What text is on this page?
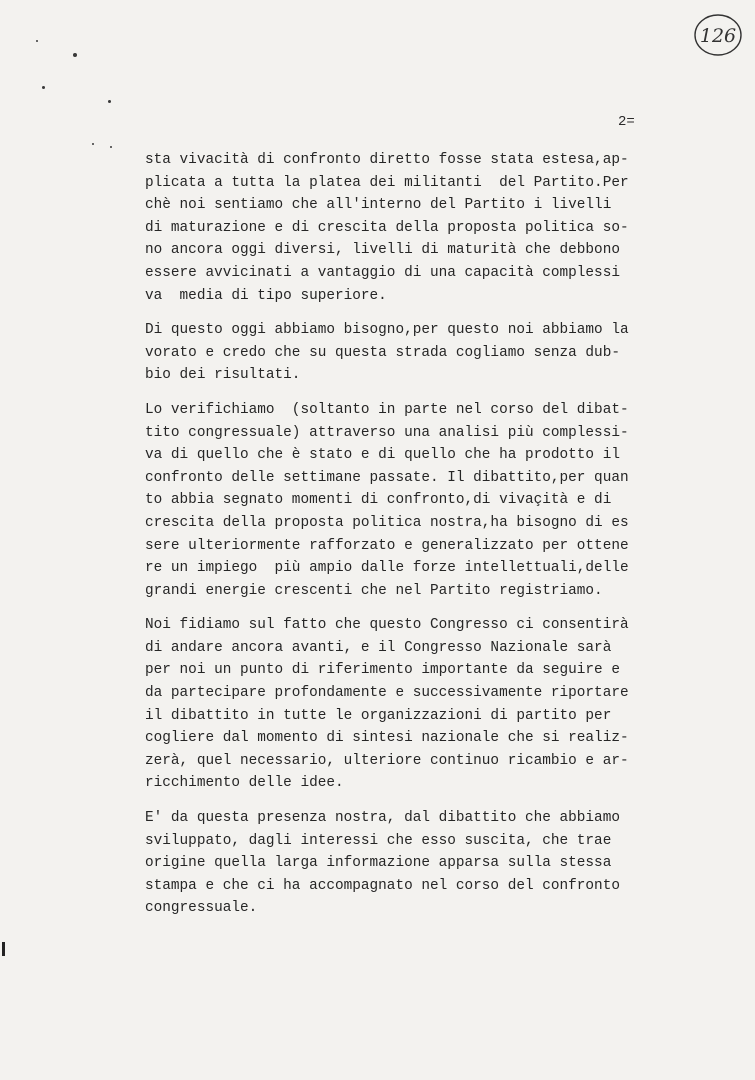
126
2=
sta vivacità di confronto diretto fosse stata estesa,ap-
plicata a tutta la platea dei militanti  del Partito.Per
chè noi sentiamo che all'interno del Partito i livelli
di maturazione e di crescita della proposta politica so-
no ancora oggi diversi, livelli di maturità che debbono
essere avvicinati a vantaggio di una capacità complessi
va  media di tipo superiore.
Di questo oggi abbiamo bisogno,per questo noi abbiamo la
vorato e credo che su questa strada cogliamo senza dub-
bio dei risultati.
Lo verifichiamo  (soltanto in parte nel corso del dibat-
tito congressuale) attraverso una analisi più complessi-
va di quello che è stato e di quello che ha prodotto il
confronto delle settimane passate. Il dibattito,per quan
to abbia segnato momenti di confronto,di vivaçità e di
crescita della proposta politica nostra,ha bisogno di es
sere ulteriormente rafforzato e generalizzato per ottene
re un impiego  più ampio dalle forze intellettuali,delle
grandi energie crescenti che nel Partito registriamo.
Noi fidiamo sul fatto che questo Congresso ci consentirà
di andare ancora avanti, e il Congresso Nazionale sarà
per noi un punto di riferimento importante da seguire e
da partecipare profondamente e successivamente riportare
il dibattito in tutte le organizzazioni di partito per
cogliere dal momento di sintesi nazionale che si realiz-
zerà, quel necessario, ulteriore continuo ricambio e ar-
ricchimento delle idee.
E' da questa presenza nostra, dal dibattito che abbiamo
sviluppato, dagli interessi che esso suscita, che trae
origine quella larga informazione apparsa sulla stessa
stampa e che ci ha accompagnato nel corso del confronto
congressuale.
